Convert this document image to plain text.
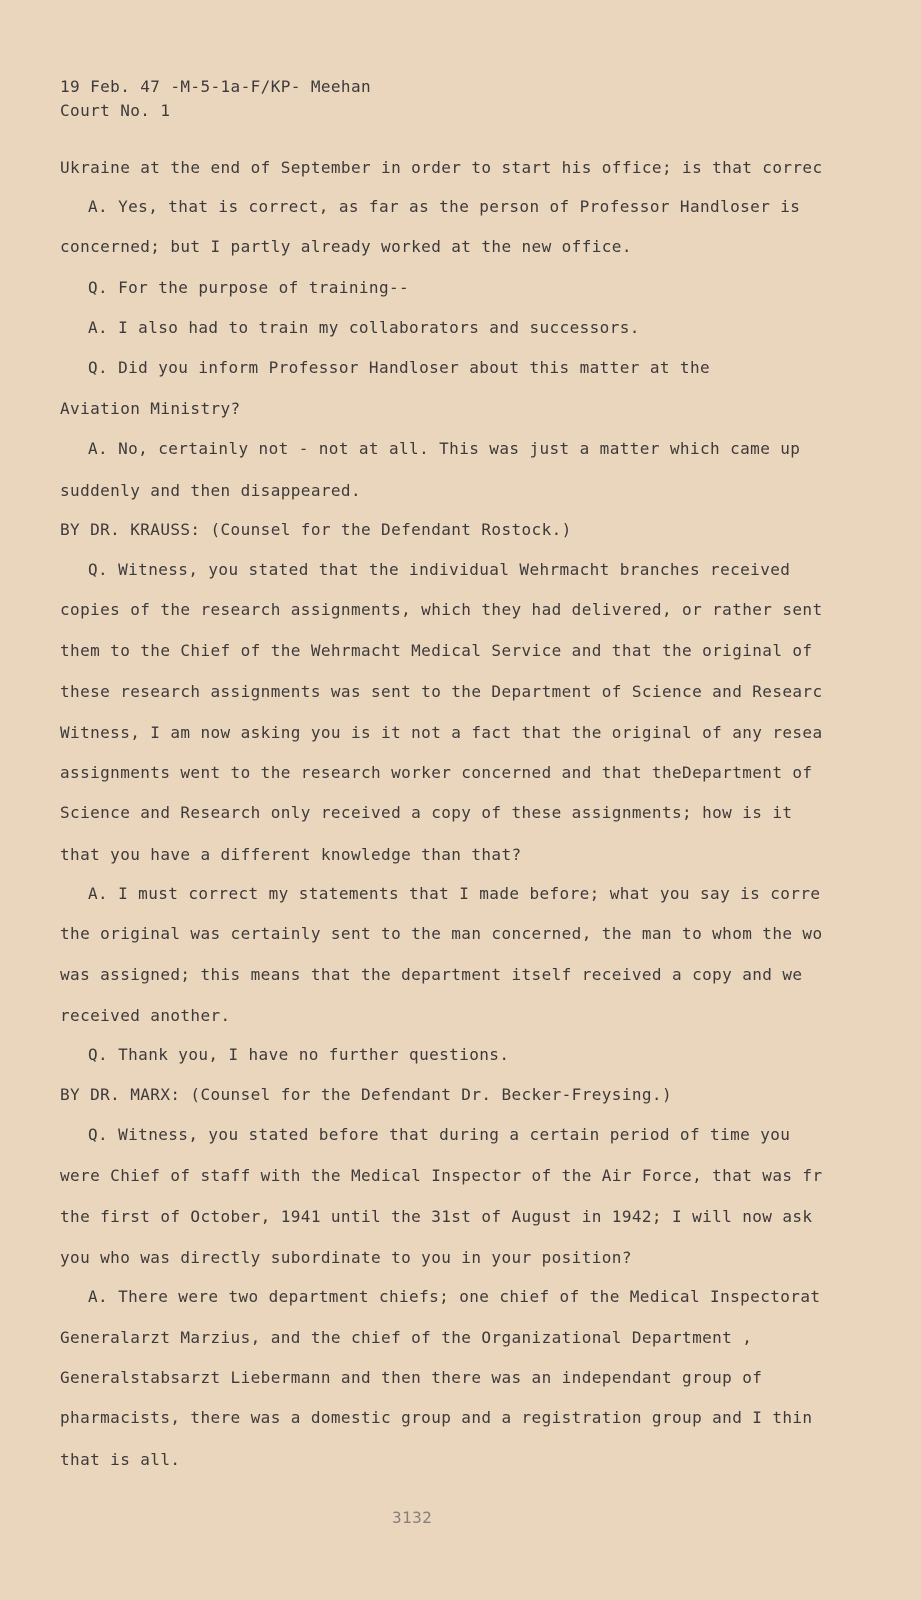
19 Feb. 47 -M-5-1a-F/KP- Meehan
Court No. 1
Ukraine at the end of September in order to start his office; is that correc
A. Yes, that is correct, as far as the person of Professor Handloser is
concerned; but I partly already worked at the new office.
Q. For the purpose of training--
A. I also had to train my collaborators and successors.
Q. Did you inform Professor Handloser about this matter at the
Aviation Ministry?
A. No, certainly not - not at all. This was just a matter which came up
suddenly and then disappeared.
BY DR. KRAUSS: (Counsel for the Defendant Rostock.)
Q. Witness, you stated that the individual Wehrmacht branches received
copies of the research assignments, which they had delivered, or rather sent
them to the Chief of the Wehrmacht Medical Service and that the original of
these research assignments was sent to the Department of Science and Researc
Witness, I am now asking you is it not a fact that the original of any resea
assignments went to the research worker concerned and that theDepartment of
Science and Research only received a copy of these assignments; how is it
that you have a different knowledge than that?
A. I must correct my statements that I made before; what you say is corre
the original was certainly sent to the man concerned, the man to whom the wo
was assigned; this means that the department itself received a copy and we
received another.
Q. Thank you, I have no further questions.
BY DR. MARX: (Counsel for the Defendant Dr. Becker-Freysing.)
Q. Witness, you stated before that during a certain period of time you
were Chief of staff with the Medical Inspector of the Air Force, that was fr
the first of October, 1941 until the 31st of August in 1942; I will now ask
you who was directly subordinate to you in your position?
A. There were two department chiefs; one chief of the Medical Inspectorat
Generalarzt Marzius, and the chief of the Organizational Department ,
Generalstabsarzt Liebermann and then there was an independant group of
pharmacists, there was a domestic group and a registration group and I thin
that is all.
3132
